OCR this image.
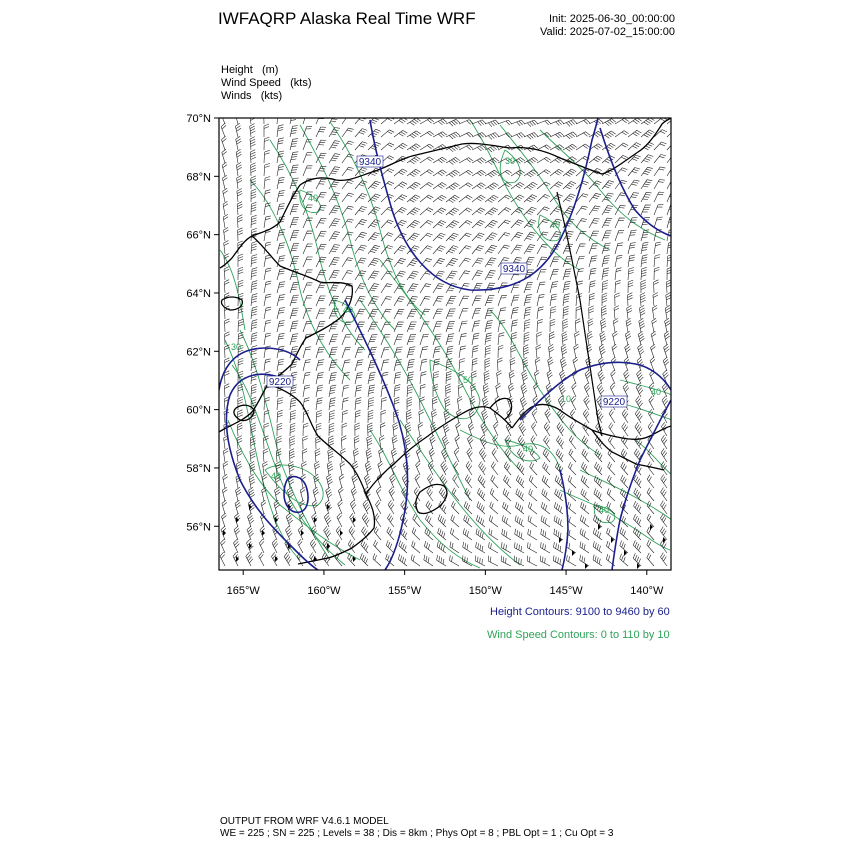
IWFAQRP Alaska Real Time WRF	Init: 2025-06-30_00:00:00
Valid: 2025-07-02_15:00:00
Height (m)
Wind Speed (kts)
Winds (kts)
9340
9340
9220
9220
40
40
30
40
30
50
40
40
40
40
10
70°N
68°N
66°N
64°N
62°N
60°N
58°N
56°N
165°W	160°W	155°W	150°W	145°W	140°W
Height Contours: 9100 to 9460 by 60
Wind Speed Contours: 0 to 110 by 10
OUTPUT FROM WRF V4.6.1 MODEL
WE = 225 ; SN = 225 ; Levels = 38 ; Dis = 8km ; Phys Opt = 8 ; PBL Opt = 1 ; Cu Opt = 3
